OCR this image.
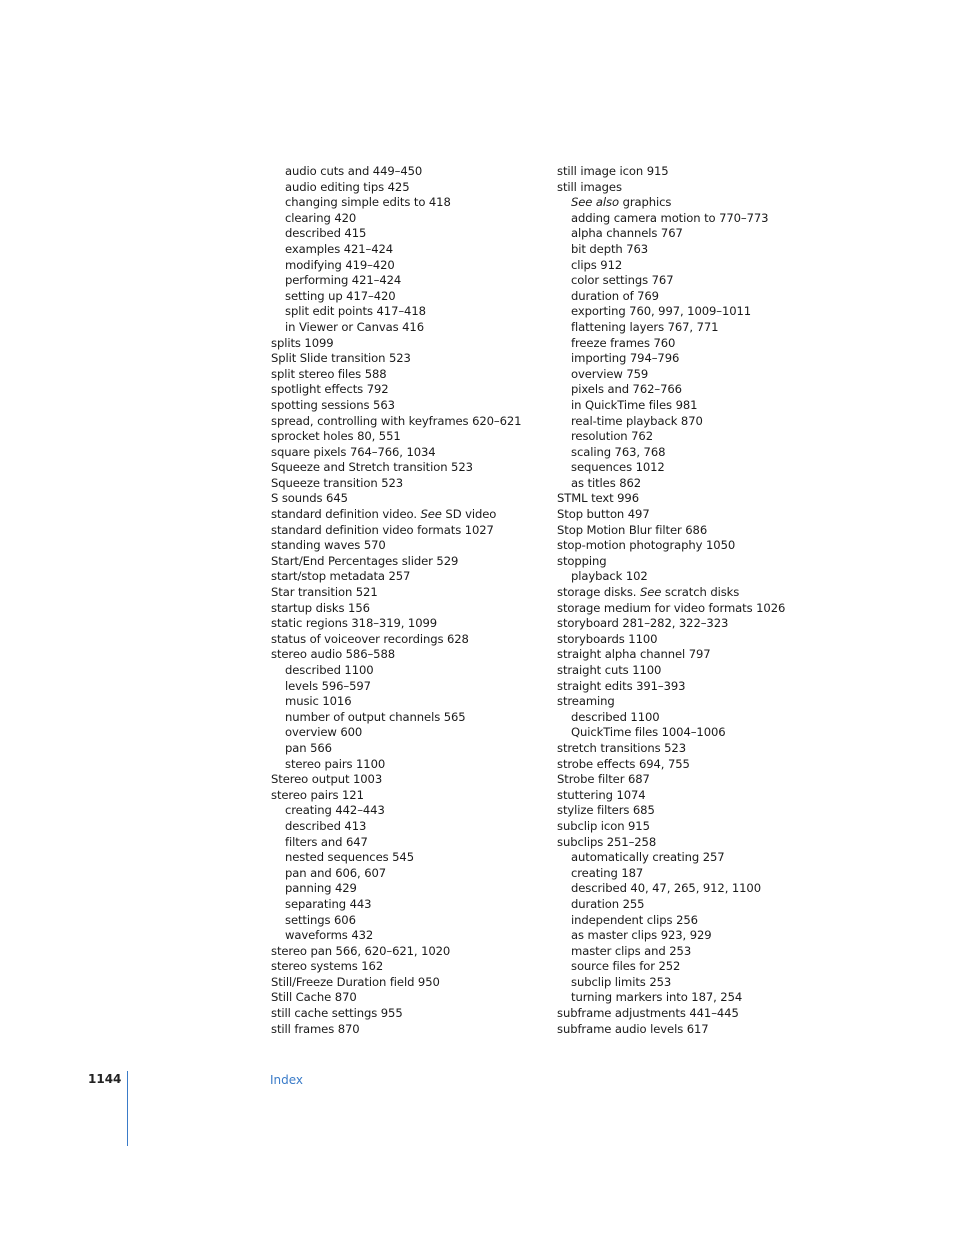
audio cuts and 449–450
audio editing tips 425
changing simple edits to 418
clearing 420
described 415
examples 421–424
modifying 419–420
performing 421–424
setting up 417–420
split edit points 417–418
in Viewer or Canvas 416
splits 1099
Split Slide transition 523
split stereo files 588
spotlight effects 792
spotting sessions 563
spread, controlling with keyframes 620–621
sprocket holes 80, 551
square pixels 764–766, 1034
Squeeze and Stretch transition 523
Squeeze transition 523
S sounds 645
standard definition video. See SD video
standard definition video formats 1027
standing waves 570
Start/End Percentages slider 529
start/stop metadata 257
Star transition 521
startup disks 156
static regions 318–319, 1099
status of voiceover recordings 628
stereo audio 586–588
described 1100
levels 596–597
music 1016
number of output channels 565
overview 600
pan 566
stereo pairs 1100
Stereo output 1003
stereo pairs 121
creating 442–443
described 413
filters and 647
nested sequences 545
pan and 606, 607
panning 429
separating 443
settings 606
waveforms 432
stereo pan 566, 620–621, 1020
stereo systems 162
Still/Freeze Duration field 950
Still Cache 870
still cache settings 955
still frames 870
still image icon 915
still images
See also graphics
adding camera motion to 770–773
alpha channels 767
bit depth 763
clips 912
color settings 767
duration of 769
exporting 760, 997, 1009–1011
flattening layers 767, 771
freeze frames 760
importing 794–796
overview 759
pixels and 762–766
in QuickTime files 981
real-time playback 870
resolution 762
scaling 763, 768
sequences 1012
as titles 862
STML text 996
Stop button 497
Stop Motion Blur filter 686
stop-motion photography 1050
stopping
playback 102
storage disks. See scratch disks
storage medium for video formats 1026
storyboard 281–282, 322–323
storyboards 1100
straight alpha channel 797
straight cuts 1100
straight edits 391–393
streaming
described 1100
QuickTime files 1004–1006
stretch transitions 523
strobe effects 694, 755
Strobe filter 687
stuttering 1074
stylize filters 685
subclip icon 915
subclips 251–258
automatically creating 257
creating 187
described 40, 47, 265, 912, 1100
duration 255
independent clips 256
as master clips 923, 929
master clips and 253
source files for 252
subclip limits 253
turning markers into 187, 254
subframe adjustments 441–445
subframe audio levels 617
1144	Index
